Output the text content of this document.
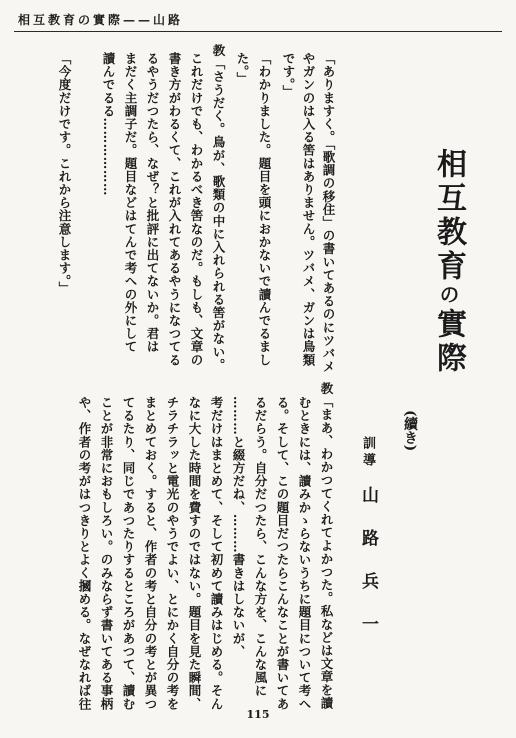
相互教育の實際——山路
「ありますく。「歌調の移住」の書いてあるのにツバメ
やガンのは入る筈はありません。ツバメ、ガンは鳥類
です。」
「わかりました。題目を頭におかないで讀んでるまし
た。」
教「さうだく。鳥が、歌類の中に入れられる筈がない。
これだけでも、わかるべき筈なのだ。もしも、文章の
書き方がわるくて、これが入れてあるやうになつてる
るやうだつたら、なぜ？と批評に出てないか。君は
まだく主調子だ。題目などはてんで考への外にして
讀んでるる………………
「今度だけです。これから注意します。」	相互教育の實際
(續き)
訓導
山路兵一
教「まあ、わかつてくれてよかつた。私などは文章を讀
むときには、讀みかゝらないうちに題目について考へ
る。そして、この題目だつたらこんなことが書いてあ
るだらう。自分だつたら、こんな方を、こんな風に
………と綴方だね、………書きはしないが、
考だけはまとめて、そして初めて讀みはじめる。そん
なに大した時間を費すのではない。題目を見た瞬間、
チラチラッと電光のやうでよい、とにかく自分の考を
まとめておく。すると、作者の考と自分の考とが異つ
てるたり、同じであつたりするところがあつて、讀む
ことが非常におもしろい。のみならず書いてある事柄
や、作者の考がはつきりとよく摑める。なぜなれば往
115
